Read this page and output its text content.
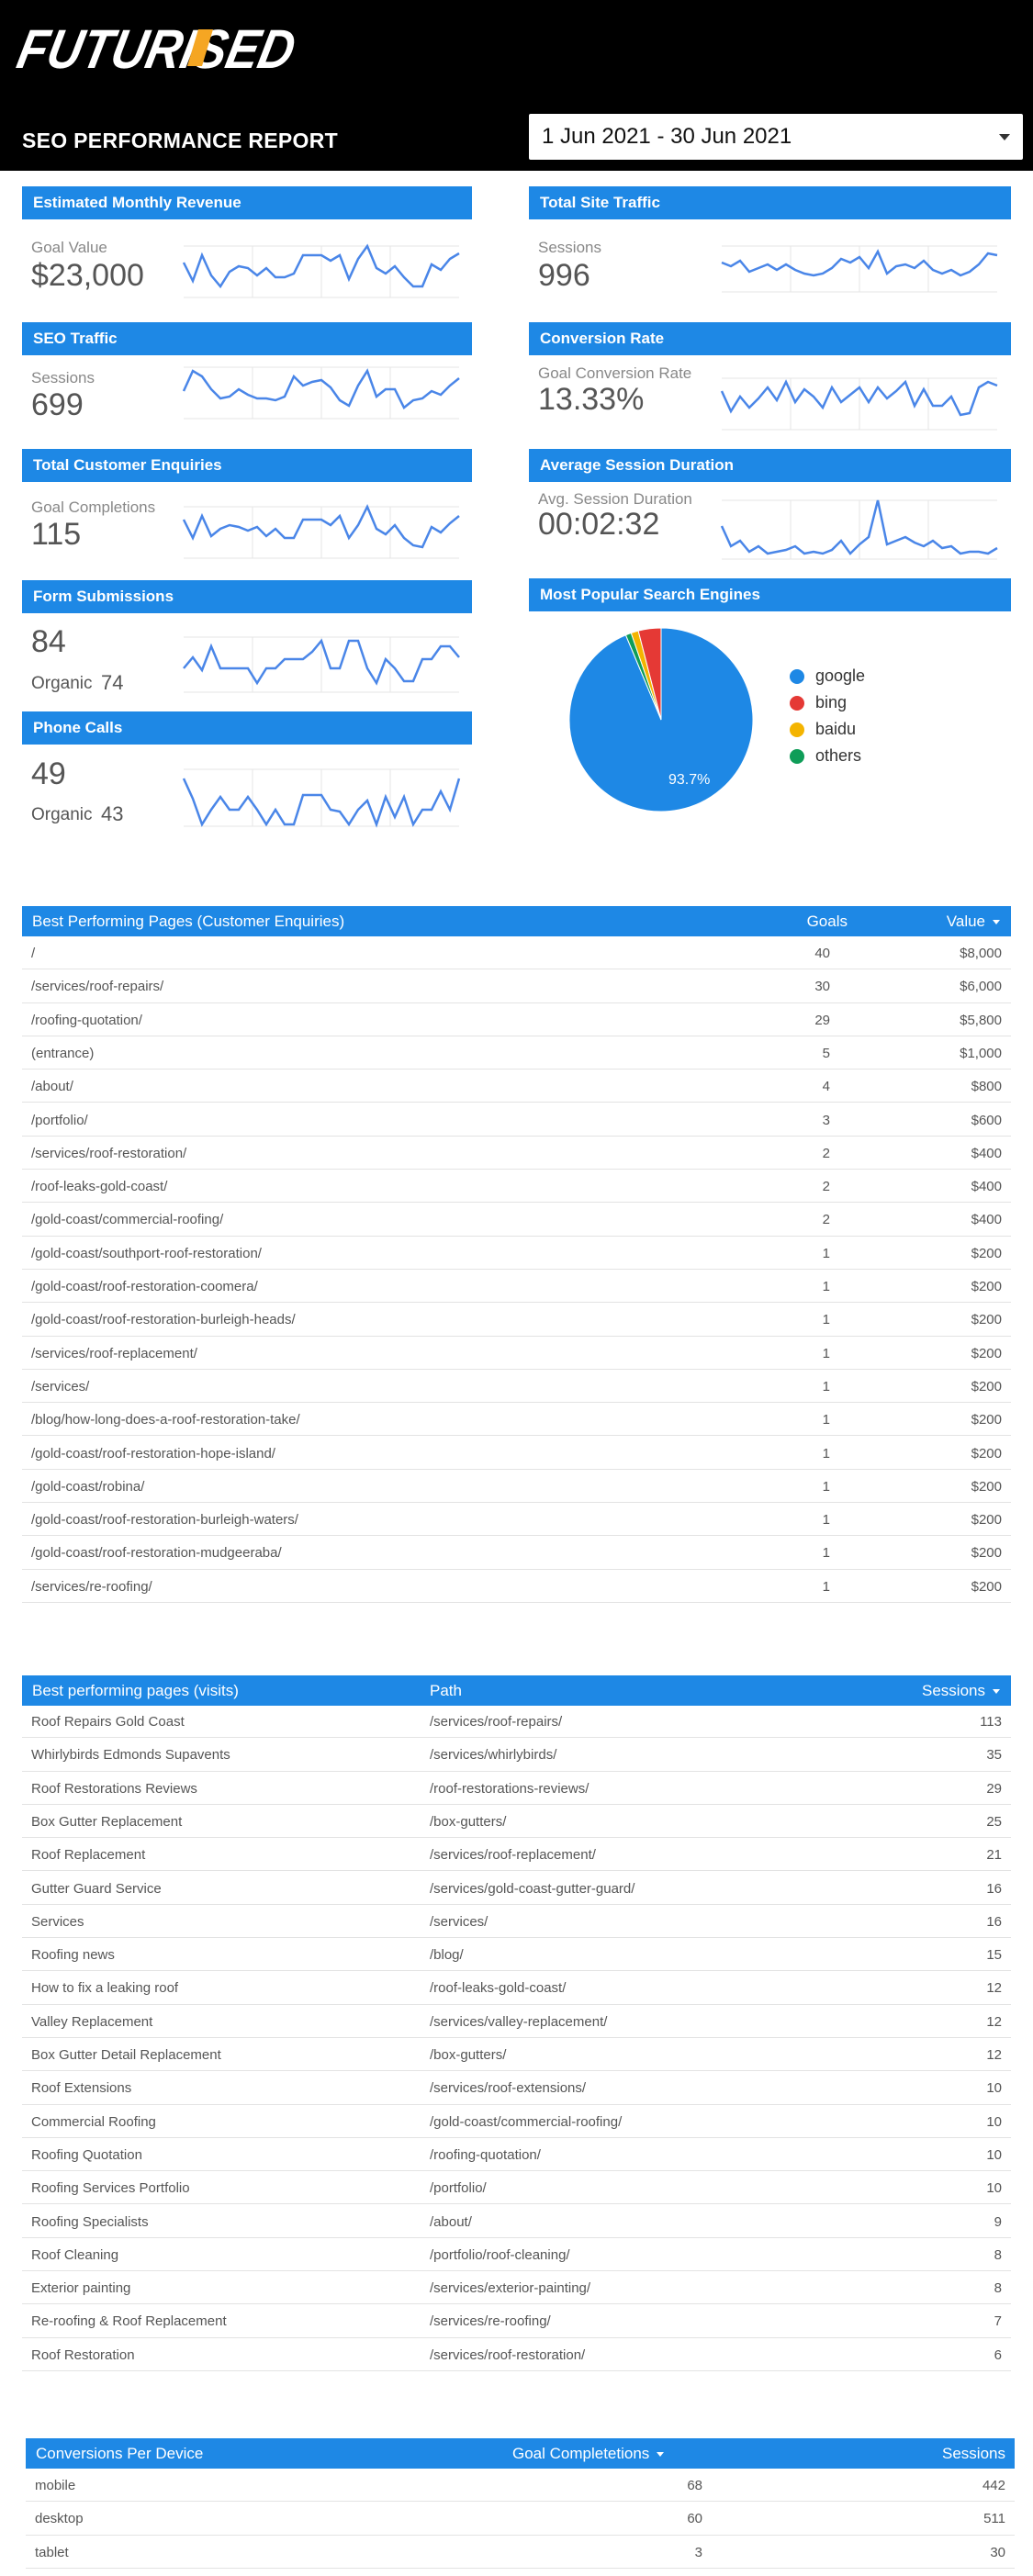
FUTURISED
SEO PERFORMANCE REPORT	1 Jun 2021 - 30 Jun 2021
Estimated Monthly Revenue
Goal Value
$23,000
Total Site Traffic
Sessions
996
SEO Traffic
Sessions
699
Conversion Rate
Goal Conversion Rate
13.33%
Total Customer Enquiries
Goal Completions
115
Average Session Duration
Avg. Session Duration
00:02:32
Form Submissions
84
Organic 74
Most Popular Search Engines
93.7%
google
bing
baidu
others
Phone Calls
49
Organic 43
Best Performing Pages (Customer Enquiries)	Goals	Value
/	40	$8,000
/services/roof-repairs/	30	$6,000
/roofing-quotation/	29	$5,800
(entrance)	5	$1,000
/about/	4	$800
/portfolio/	3	$600
/services/roof-restoration/	2	$400
/roof-leaks-gold-coast/	2	$400
/gold-coast/commercial-roofing/	2	$400
/gold-coast/southport-roof-restoration/	1	$200
/gold-coast/roof-restoration-coomera/	1	$200
/gold-coast/roof-restoration-burleigh-heads/	1	$200
/services/roof-replacement/	1	$200
/services/	1	$200
/blog/how-long-does-a-roof-restoration-take/	1	$200
/gold-coast/roof-restoration-hope-island/	1	$200
/gold-coast/robina/	1	$200
/gold-coast/roof-restoration-burleigh-waters/	1	$200
/gold-coast/roof-restoration-mudgeeraba/	1	$200
/services/re-roofing/	1	$200
Best performing pages (visits)	Path	Sessions
Roof Repairs Gold Coast	/services/roof-repairs/	113
Whirlybirds Edmonds Supavents	/services/whirlybirds/	35
Roof Restorations Reviews	/roof-restorations-reviews/	29
Box Gutter Replacement	/box-gutters/	25
Roof Replacement	/services/roof-replacement/	21
Gutter Guard Service	/services/gold-coast-gutter-guard/	16
Services	/services/	16
Roofing news	/blog/	15
How to fix a leaking roof	/roof-leaks-gold-coast/	12
Valley Replacement	/services/valley-replacement/	12
Box Gutter Detail Replacement	/box-gutters/	12
Roof Extensions	/services/roof-extensions/	10
Commercial Roofing	/gold-coast/commercial-roofing/	10
Roofing Quotation	/roofing-quotation/	10
Roofing Services Portfolio	/portfolio/	10
Roofing Specialists	/about/	9
Roof Cleaning	/portfolio/roof-cleaning/	8
Exterior painting	/services/exterior-painting/	8
Re-roofing & Roof Replacement	/services/re-roofing/	7
Roof Restoration	/services/roof-restoration/	6
Conversions Per Device	Goal Completetions	Sessions
mobile	68	442
desktop	60	511
tablet	3	30
